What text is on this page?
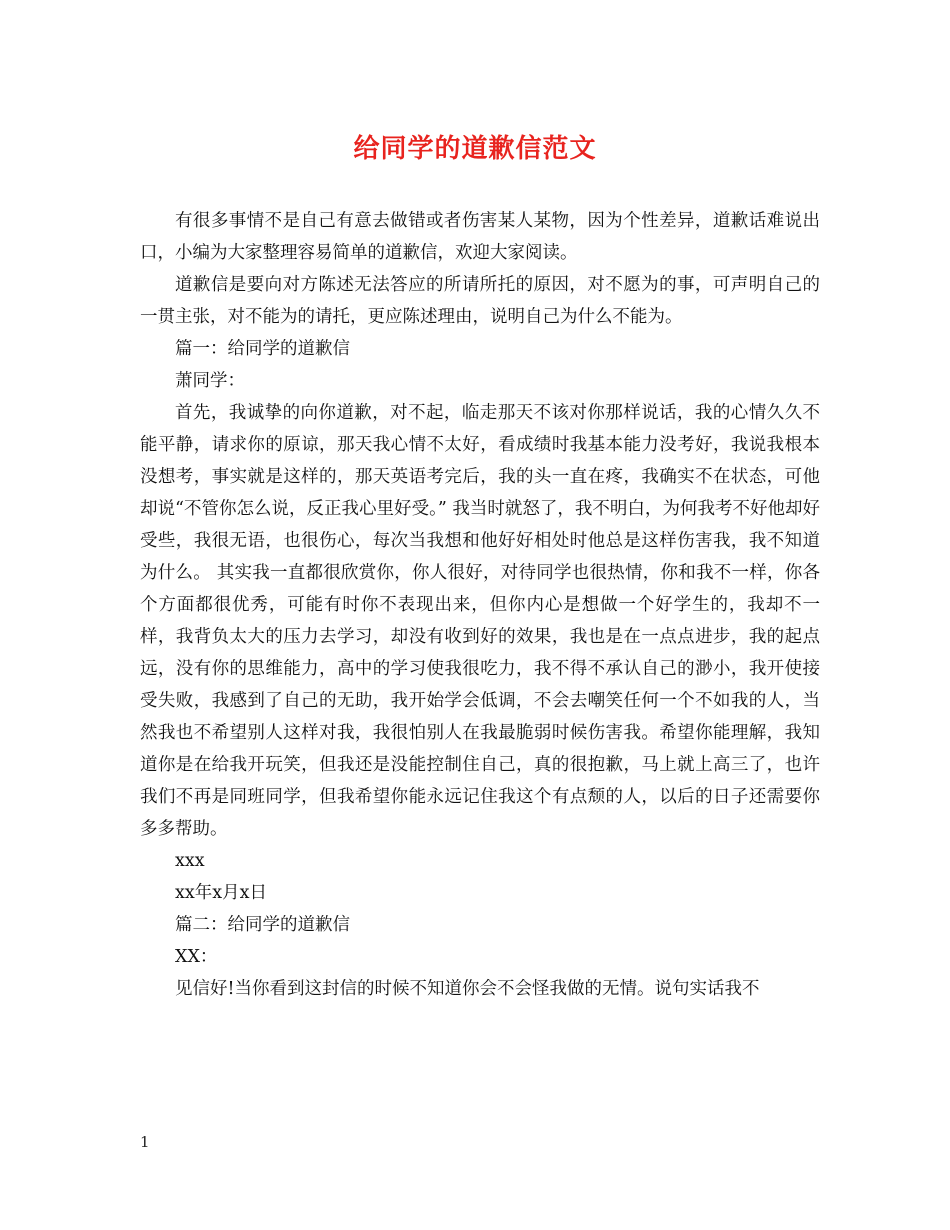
给同学的道歉信范文

有很多事情不是自己有意去做错或者伤害某人某物，因为个性差异，道歉话难说出口，小编为大家整理容易简单的道歉信，欢迎大家阅读。

道歉信是要向对方陈述无法答应的所请所托的原因，对不愿为的事，可声明自己的一贯主张，对不能为的请托，更应陈述理由，说明自己为什么不能为。

篇一：给同学的道歉信

萧同学：

首先，我诚挚的向你道歉，对不起，临走那天不该对你那样说话，我的心情久久不能平静，请求你的原谅，那天我心情不太好，看成绩时我基本能力没考好，我说我根本没想考，事实就是这样的，那天英语考完后，我的头一直在疼，我确实不在状态，可他却说“不管你怎么说，反正我心里好受。” 我当时就怒了，我不明白，为何我考不好他却好受些，我很无语，也很伤心，每次当我想和他好好相处时他总是这样伤害我，我不知道为什么。 其实我一直都很欣赏你，你人很好，对待同学也很热情，你和我不一样，你各个方面都很优秀，可能有时你不表现出来，但你内心是想做一个好学生的，我却不一样，我背负太大的压力去学习，却没有收到好的效果，我也是在一点点进步，我的起点远，没有你的思维能力，高中的学习使我很吃力，我不得不承认自己的渺小，我开使接受失败，我感到了自己的无助，我开始学会低调，不会去嘲笑任何一个不如我的人，当然我也不希望别人这样对我，我很怕别人在我最脆弱时候伤害我。希望你能理解，我知道你是在给我开玩笑，但我还是没能控制住自己，真的很抱歉，马上就上高三了，也许我们不再是同班同学，但我希望你能永远记住我这个有点颓的人，以后的日子还需要你多多帮助。

xxx

xx年x月x日

篇二：给同学的道歉信

XX：

见信好!当你看到这封信的时候不知道你会不会怪我做的无情。说句实话我不

1
